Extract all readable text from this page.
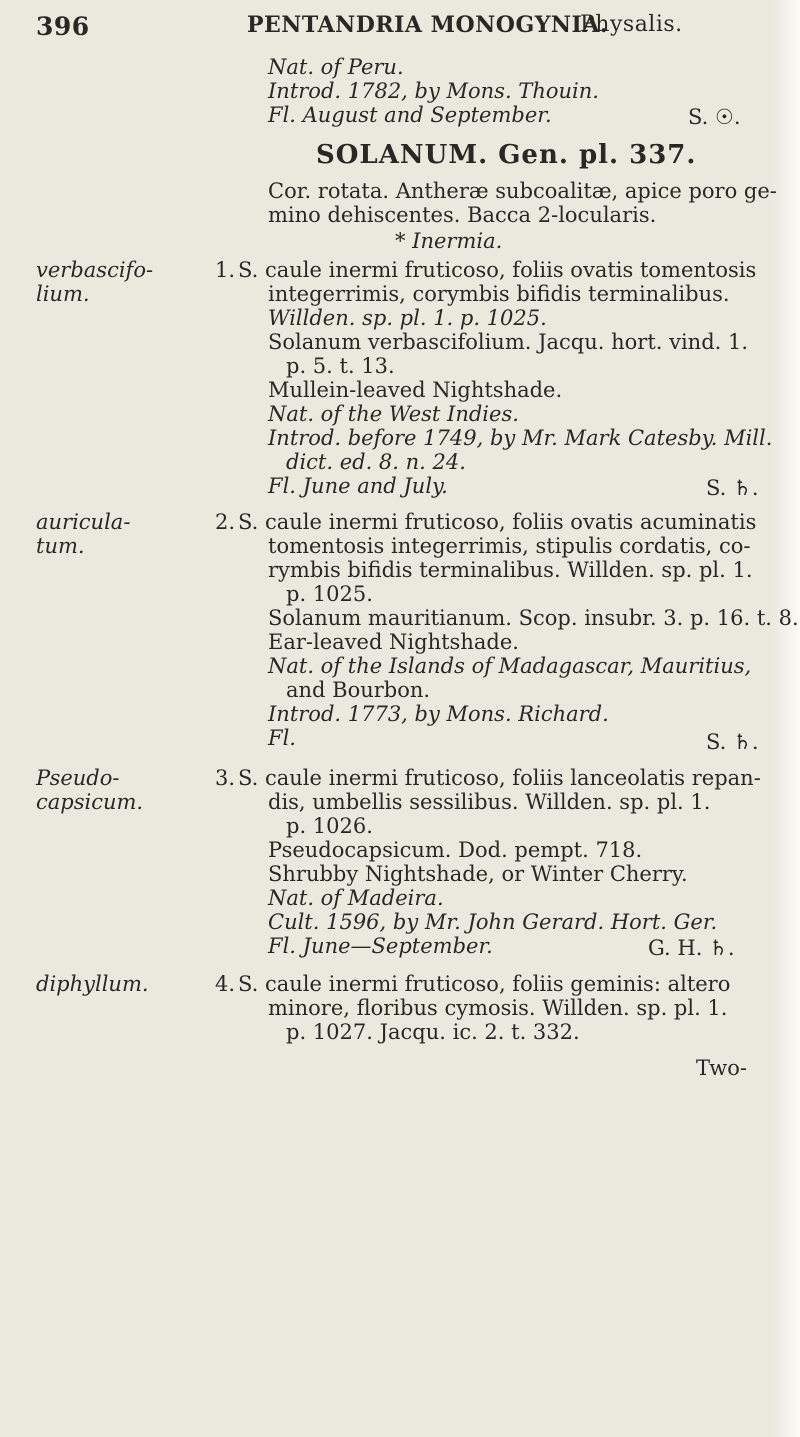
396	PENTANDRIA MONOGYNIA.
Physalis.
Nat. of Peru.
Introd. 1782, by Mons. Thouin.
Fl. August and September.	S. ☉.
SOLANUM. Gen. pl. 337.
Cor. rotata. Antheræ subcoalitæ, apice poro ge-
mino dehiscentes. Bacca 2-locularis.
* Inermia.
verbascifo-
lium.
1. S. caule inermi fruticoso, foliis ovatis tomentosis
integerrimis, corymbis bifidis terminalibus.
Willden. sp. pl. 1. p. 1025.
Solanum verbascifolium. Jacqu. hort. vind. 1.
p. 5. t. 13.
Mullein-leaved Nightshade.
Nat. of the West Indies.
Introd. before 1749, by Mr. Mark Catesby. Mill.
dict. ed. 8. n. 24.
Fl. June and July.	S. ♄.
auricula-
tum.
2. S. caule inermi fruticoso, foliis ovatis acuminatis
tomentosis integerrimis, stipulis cordatis, co-
rymbis bifidis terminalibus. Willden. sp. pl. 1.
p. 1025.
Solanum mauritianum. Scop. insubr. 3. p. 16. t. 8.
Ear-leaved Nightshade.
Nat. of the Islands of Madagascar, Mauritius,
and Bourbon.
Introd. 1773, by Mons. Richard.
Fl.	S. ♄.
Pseudo-
capsicum.
3. S. caule inermi fruticoso, foliis lanceolatis repan-
dis, umbellis sessilibus. Willden. sp. pl. 1.
p. 1026.
Pseudocapsicum. Dod. pempt. 718.
Shrubby Nightshade, or Winter Cherry.
Nat. of Madeira.
Cult. 1596, by Mr. John Gerard. Hort. Ger.
Fl. June—September.	G. H. ♄.
diphyllum.	4. S. caule inermi fruticoso, foliis geminis: altero
minore, floribus cymosis. Willden. sp. pl. 1.
p. 1027. Jacqu. ic. 2. t. 332.
Two-
